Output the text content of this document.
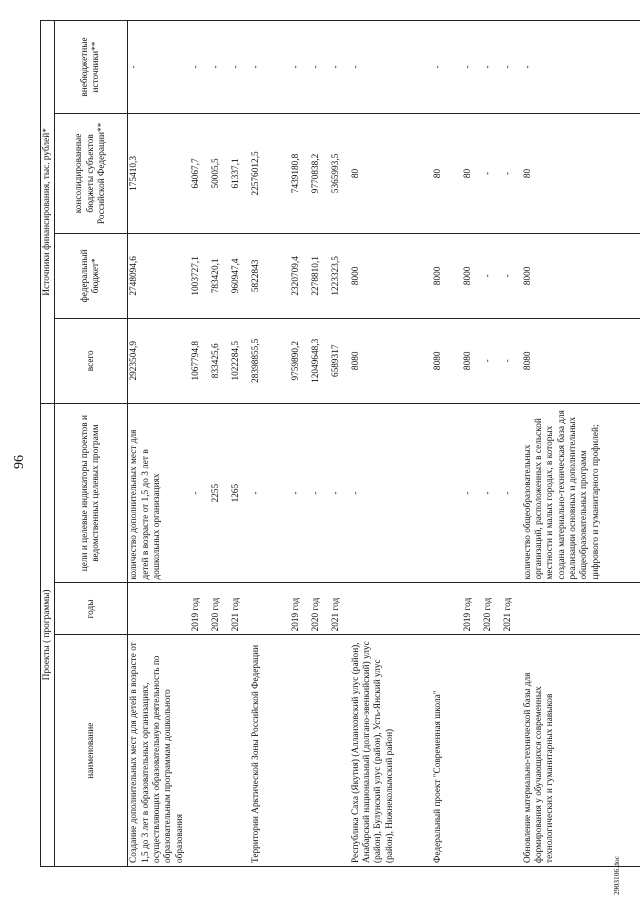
96
Проекты ( программы)			Источники финансирования, тыс. рублей*			
наименование	годы	цели и целевые индикаторы проектов и ведомственных целевых программ	всего	федеральный бюджет*	консолидированные бюджеты субъектов Российской Федерации**	внебюджетные источники**
Создание дополнительных мест для детей в возрасте от 1,5 до 3 лет в образовательных организациях, осуществляющих образовательную деятельность по образовательным программам дошкольного образования		количество дополнительных мест для детей в возрасте от 1,5 до 3 лет в дошкольных организациях	2923504,9	2748094,6	175410,3	-
	2019 год	-	1067794,8	1003727,1	64067,7	-
	2020 год	2255	833425,6	783420,1	50005,5	-
	2021 год	1265	1022284,5	960947,4	61337,1	-
Территории Арктической Зоны Российской Федерации		-	28398855,5	5822843	22576012,5	-
	2019 год	-	9759890,2	2320709,4	7439180,8	-
	2020 год	-	12049648,3	2278810,1	9770838,2	-
	2021 год	-	6589317	1223323,5	5365993,5	-
Республика Саха (Якутия) (Аллаиховский улус (район), Анабарский национальный (долгано-эвенкийский) улус (район), Булунский улус (район), Усть-Янский улус (район), Нижнеколымский район)		-	8080	8000	80	-
Федеральный проект "Современная школа"			8080	8000	80	-
	2019 год	-	8080	8000	80	-
	2020 год	-	-	-	-	-
	2021 год	-	-	-	-	-
Обновление материально-технической базы для формирования у обучающихся современных технологических и гуманитарных навыков		количество общеобразовательных организаций, расположенных в сельской местности и малых городах, в которых создана материально-техническая база для реализации основных и дополнительных общеобразовательных программ цифрового и гуманитарного профилей;	8080	8000	80	-
2903106.doc
